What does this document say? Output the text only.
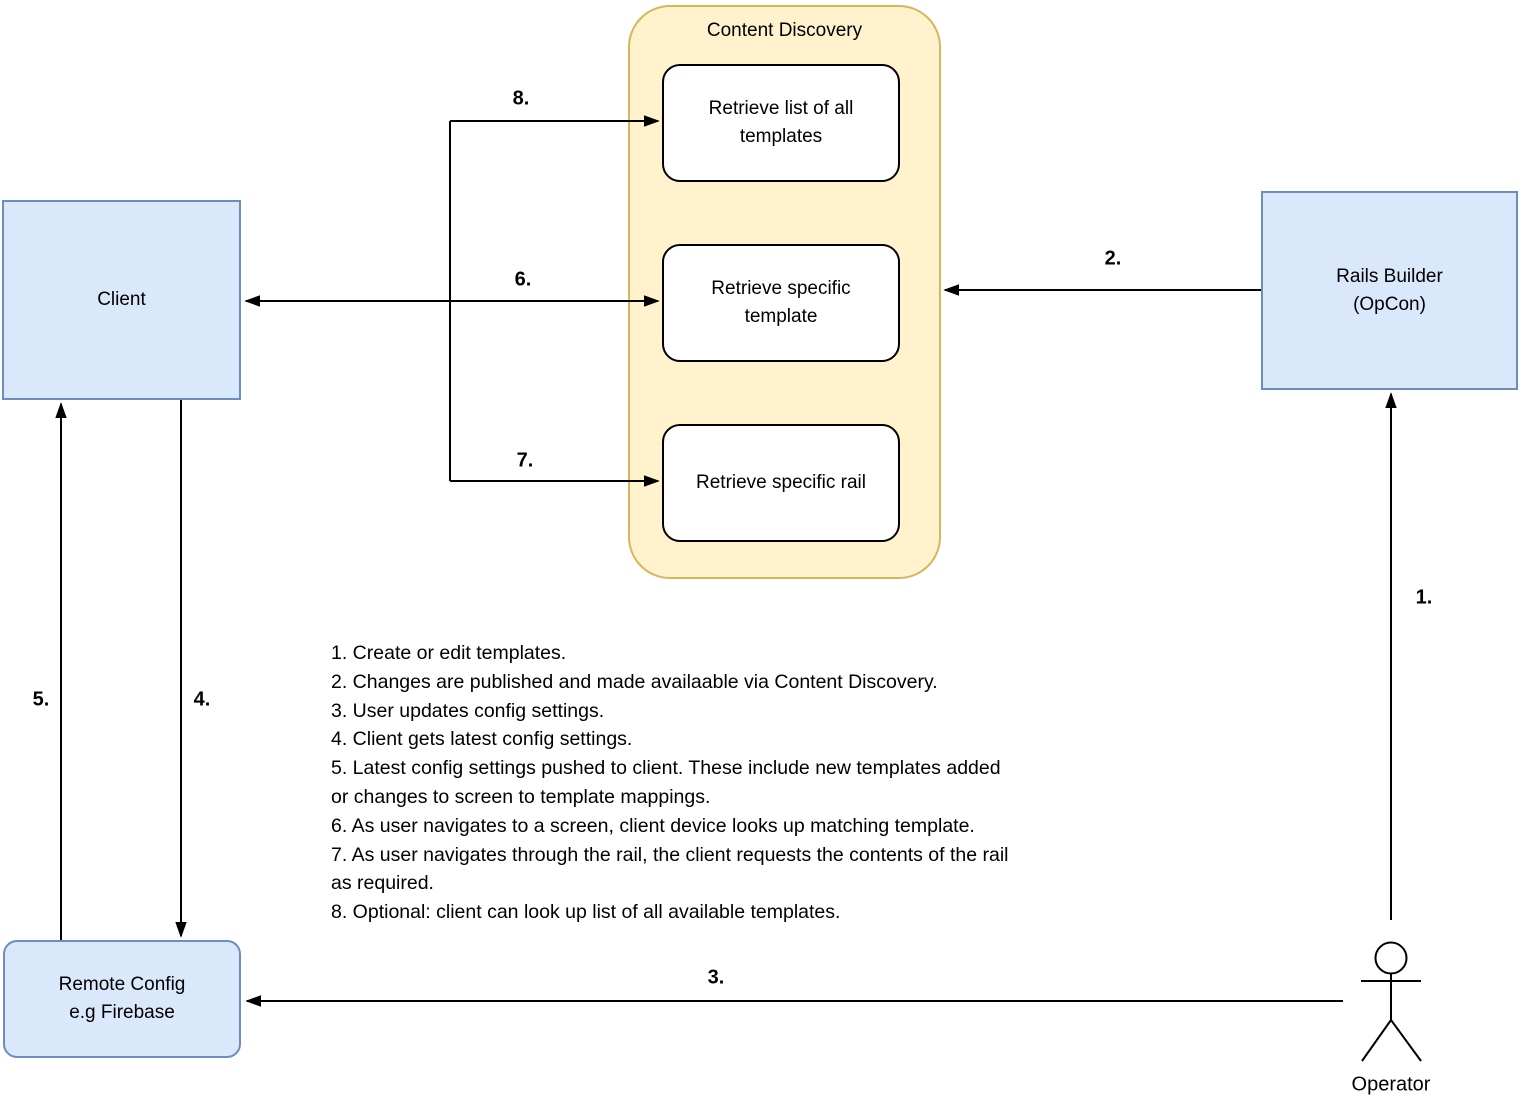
Content Discovery
Retrieve list of all templates
Retrieve specific template
Retrieve specific rail
Client
Rails Builder
(OpCon)
Remote Config
e.g Firebase
1.
2.
3.
4.
5.
6.
7.
8.
1. Create or edit templates.
2. Changes are published and made availaable via Content Discovery.
3. User updates config settings.
4. Client gets latest config settings.
5. Latest config settings pushed to client. These include new templates added
or changes to screen to template mappings.
6. As user navigates to a screen, client device looks up matching template.
7. As user navigates through the rail, the client requests the contents of the rail
as required.
8. Optional: client can look up list of all available templates.
Operator
